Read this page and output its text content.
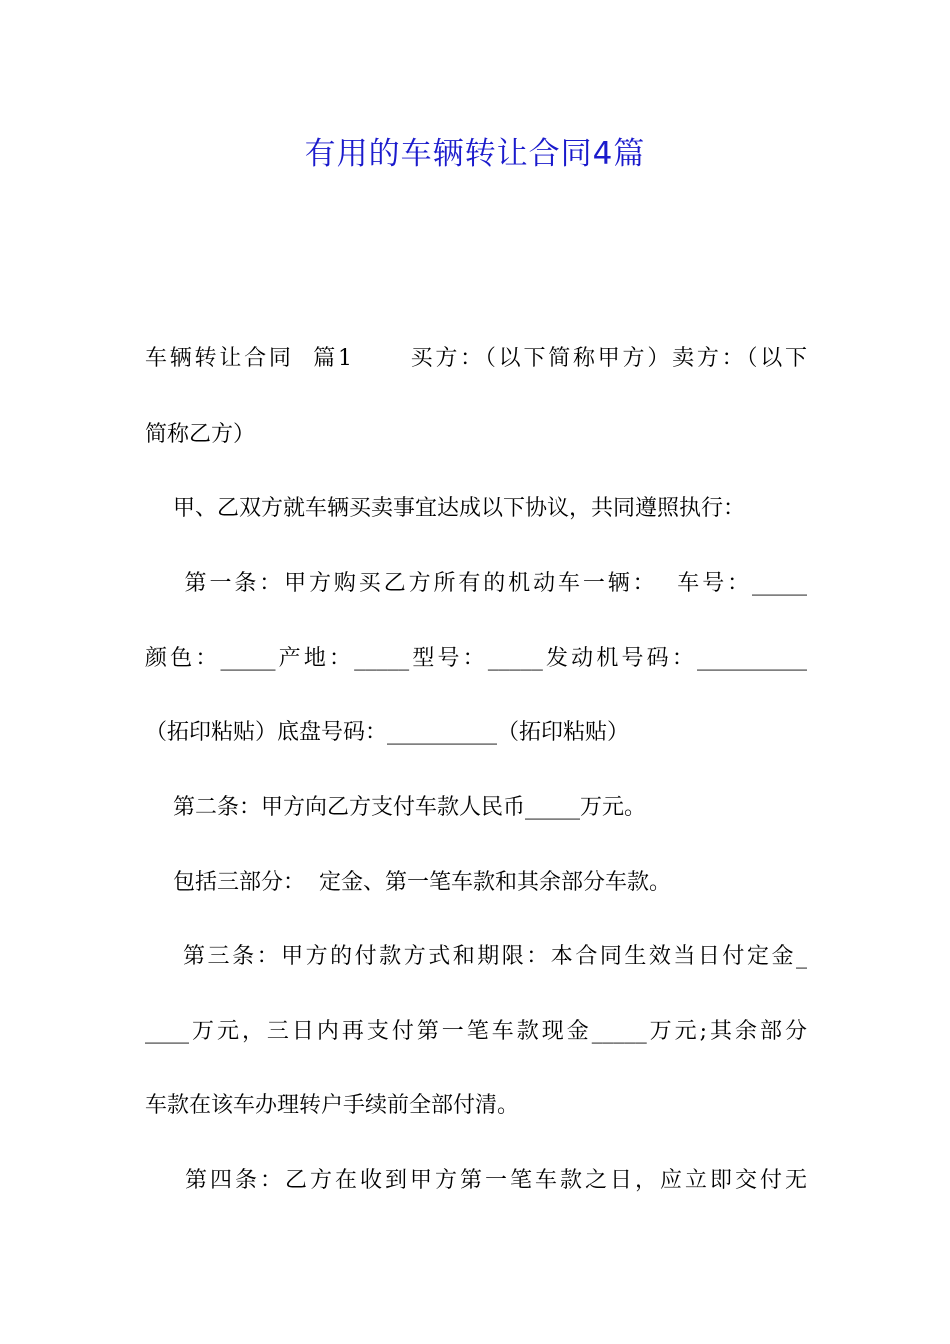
有用的车辆转让合同4篇
车辆转让合同  篇1      买方：（以下简称甲方）卖方：（以下
简称乙方）
甲、乙双方就车辆买卖事宜达成以下协议，共同遵照执行：
第一条：甲方购买乙方所有的机动车一辆：  车号：_____
颜色：_____产地：_____型号：_____发动机号码：__________
（拓印粘贴）底盘号码：__________（拓印粘贴）
第二条：甲方向乙方支付车款人民币_____万元。
包括三部分：  定金、第一笔车款和其余部分车款。
第三条：甲方的付款方式和期限：本合同生效当日付定金_
____万元，三日内再支付第一笔车款现金_____万元;其余部分
车款在该车办理转户手续前全部付清。
第四条：乙方在收到甲方第一笔车款之日，应立即交付无
